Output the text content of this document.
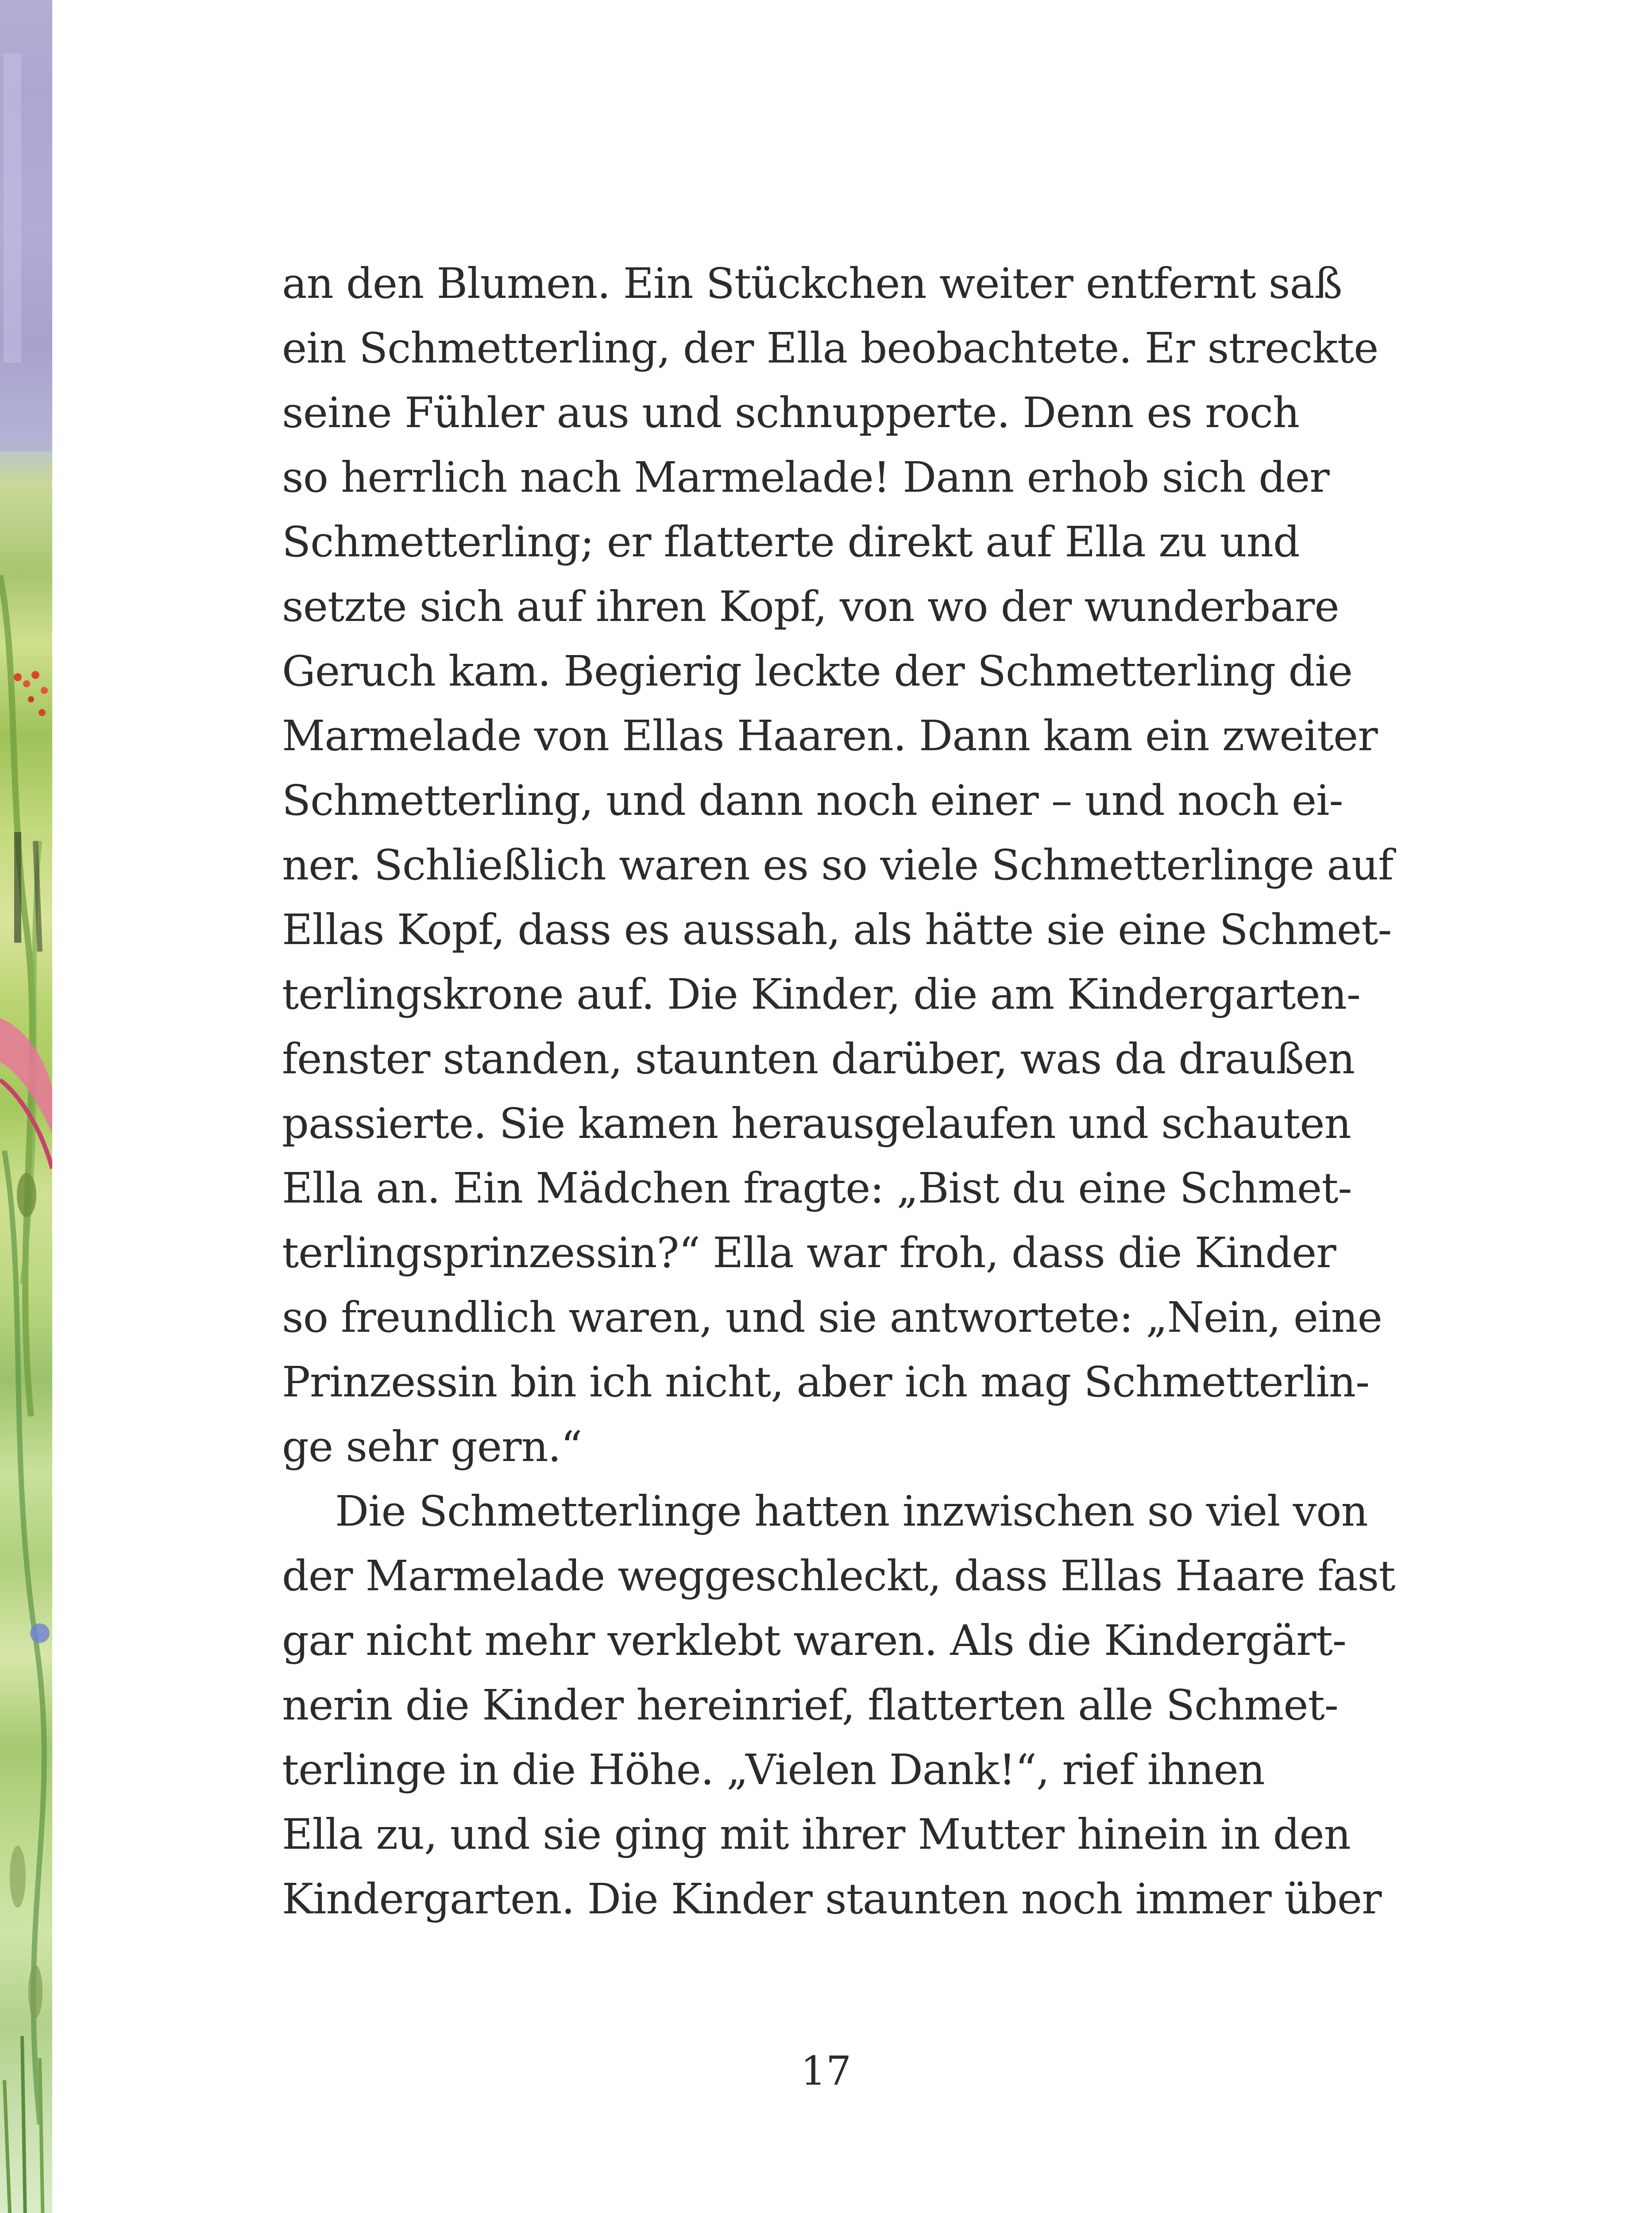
an den Blumen. Ein Stückchen weiter entfernt saß
ein Schmetterling, der Ella beobachtete. Er streckte
seine Fühler aus und schnupperte. Denn es roch
so herrlich nach Marmelade! Dann erhob sich der
Schmetterling; er flatterte direkt auf Ella zu und
setzte sich auf ihren Kopf, von wo der wunderbare
Geruch kam. Begierig leckte der Schmetterling die
Marmelade von Ellas Haaren. Dann kam ein zweiter
Schmetterling, und dann noch einer – und noch ei-
ner. Schließlich waren es so viele Schmetterlinge auf
Ellas Kopf, dass es aussah, als hätte sie eine Schmet-
terlingskrone auf. Die Kinder, die am Kindergarten-
fenster standen, staunten darüber, was da draußen
passierte. Sie kamen herausgelaufen und schauten
Ella an. Ein Mädchen fragte: „Bist du eine Schmet-
terlingsprinzessin?“ Ella war froh, dass die Kinder
so freundlich waren, und sie antwortete: „Nein, eine
Prinzessin bin ich nicht, aber ich mag Schmetterlin-
ge sehr gern.“

Die Schmetterlinge hatten inzwischen so viel von
der Marmelade weggeschleckt, dass Ellas Haare fast
gar nicht mehr verklebt waren. Als die Kindergärt-
nerin die Kinder hereinrief, flatterten alle Schmet-
terlinge in die Höhe. „Vielen Dank!“, rief ihnen
Ella zu, und sie ging mit ihrer Mutter hinein in den
Kindergarten. Die Kinder staunten noch immer über

17
